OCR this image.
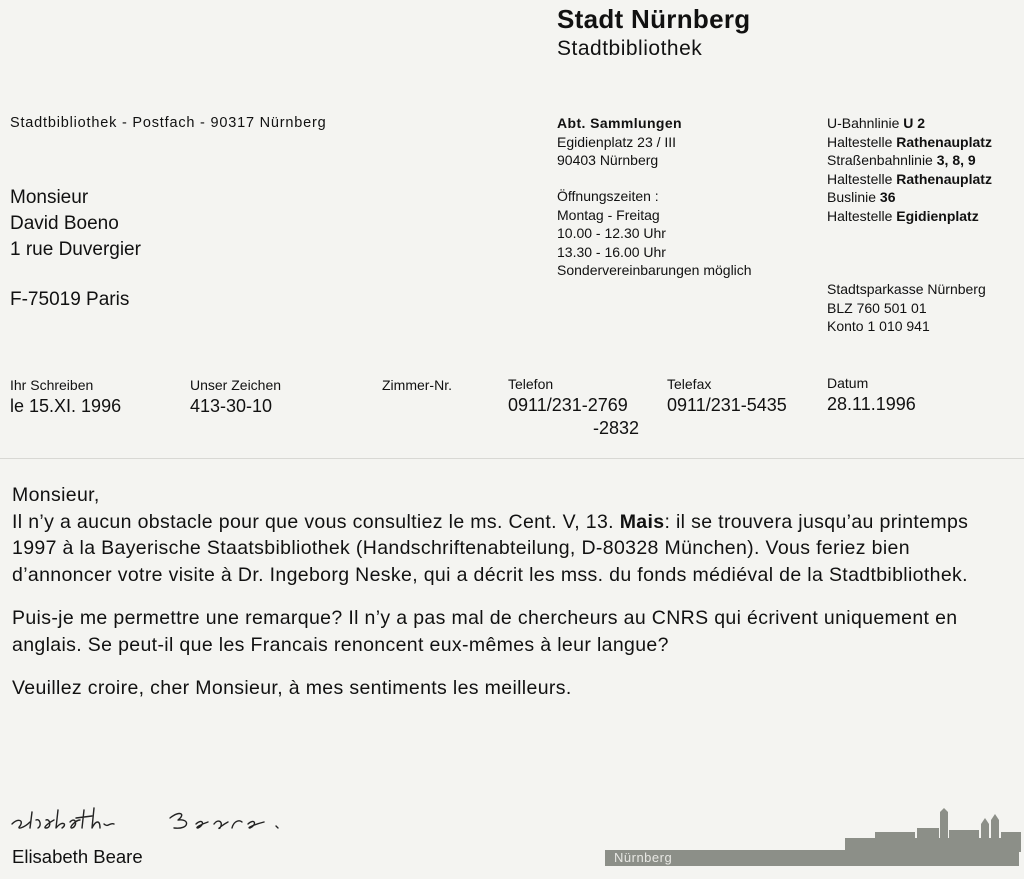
Stadt Nürnberg
Stadtbibliothek
Stadtbibliothek - Postfach - 90317 Nürnberg
Monsieur
David Boeno
1 rue Duvergier
F-75019 Paris
Abt. Sammlungen
Egidienplatz 23 / III
90403 Nürnberg
Öffnungszeiten :
Montag - Freitag
10.00 - 12.30 Uhr
13.30 - 16.00 Uhr
Sondervereinbarungen möglich
U-Bahnlinie U 2
Haltestelle Rathenauplatz
Straßenbahnlinie 3, 8, 9
Haltestelle Rathenauplatz
Buslinie 36
Haltestelle Egidienplatz
Stadtsparkasse Nürnberg
BLZ 760 501 01
Konto 1 010 941
Ihr Schreiben
le 15.XI. 1996
Unser Zeichen
413-30-10
Zimmer-Nr.	Telefon
0911/231-2769
-2832
Telefax
0911/231-5435
Datum
28.11.1996

Monsieur,

Il n’y a aucun obstacle pour que vous consultiez le ms. Cent. V, 13. Mais: il se trouvera jusqu’au printemps 1997 à la Bayerische Staatsbibliothek (Handschriftenabteilung, D-80328 München). Vous feriez bien d’annoncer votre visite à Dr. Ingeborg Neske, qui a décrit les mss. du fonds médiéval de la Stadtbibliothek.

Puis-je me permettre une remarque? Il n’y a pas mal de chercheurs au CNRS qui écrivent uniquement en anglais. Se peut-il que les Francais renoncent eux-mêmes à leur langue?

Veuillez croire, cher Monsieur, à mes sentiments les meilleurs.

Elisabeth Beare	Nürnberg
